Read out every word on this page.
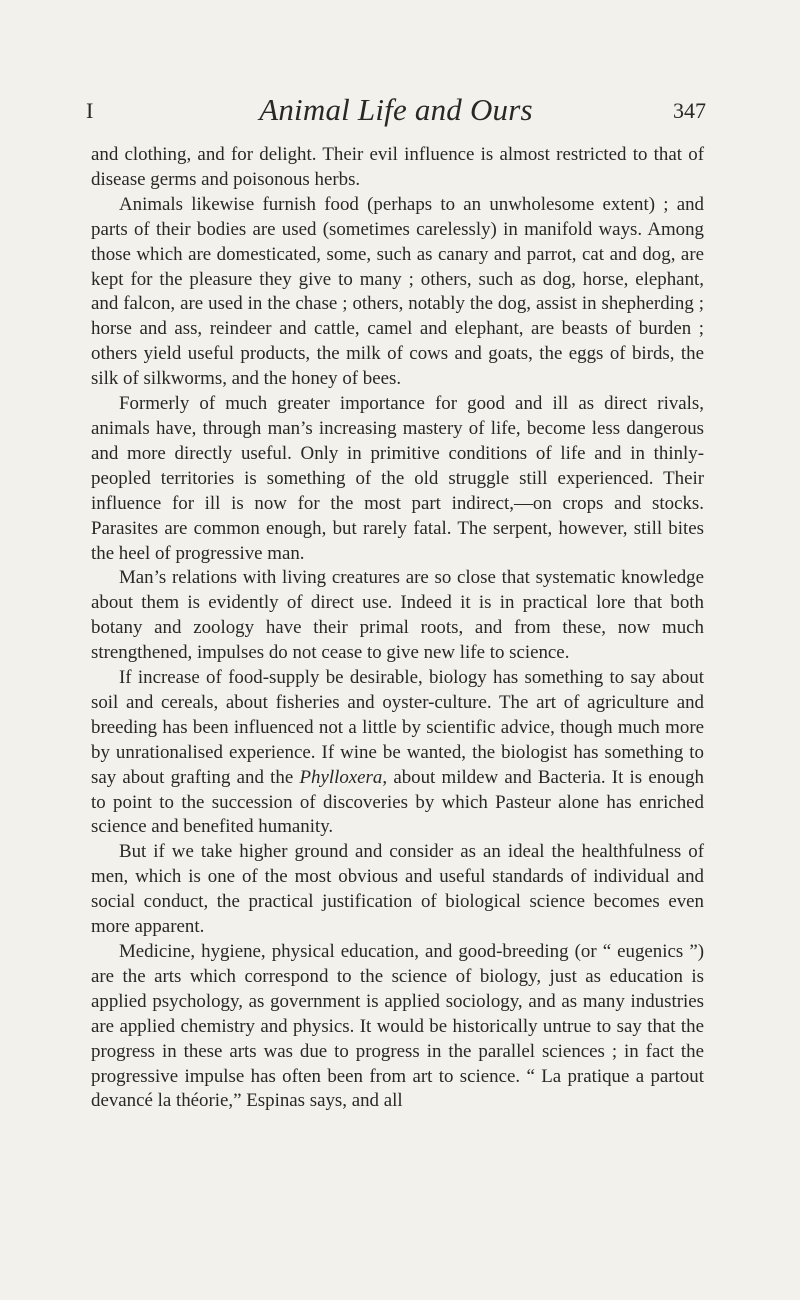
I	Animal Life and Ours	347

and clothing, and for delight. Their evil influence is almost restricted to that of disease germs and poisonous herbs.

Animals likewise furnish food (perhaps to an unwholesome extent) ; and parts of their bodies are used (sometimes carelessly) in manifold ways. Among those which are domesticated, some, such as canary and parrot, cat and dog, are kept for the pleasure they give to many ; others, such as dog, horse, elephant, and falcon, are used in the chase ; others, notably the dog, assist in shepherding ; horse and ass, reindeer and cattle, camel and elephant, are beasts of burden ; others yield useful products, the milk of cows and goats, the eggs of birds, the silk of silkworms, and the honey of bees.

Formerly of much greater importance for good and ill as direct rivals, animals have, through man’s increasing mastery of life, become less dangerous and more directly useful. Only in primitive conditions of life and in thinly-peopled territories is something of the old struggle still experienced. Their influence for ill is now for the most part indirect,—on crops and stocks. Parasites are common enough, but rarely fatal. The serpent, however, still bites the heel of progressive man.

Man’s relations with living creatures are so close that systematic knowledge about them is evidently of direct use. Indeed it is in practical lore that both botany and zoology have their primal roots, and from these, now much strengthened, impulses do not cease to give new life to science.

If increase of food-supply be desirable, biology has something to say about soil and cereals, about fisheries and oyster-culture. The art of agriculture and breeding has been influenced not a little by scientific advice, though much more by unrationalised experience. If wine be wanted, the biologist has something to say about grafting and the Phylloxera, about mildew and Bacteria. It is enough to point to the succession of discoveries by which Pasteur alone has enriched science and benefited humanity.

But if we take higher ground and consider as an ideal the healthfulness of men, which is one of the most obvious and useful standards of individual and social conduct, the practical justification of biological science becomes even more apparent.

Medicine, hygiene, physical education, and good-breeding (or “ eugenics ”) are the arts which correspond to the science of biology, just as education is applied psychology, as government is applied sociology, and as many industries are applied chemistry and physics. It would be historically untrue to say that the progress in these arts was due to progress in the parallel sciences ; in fact the progressive impulse has often been from art to science. “ La pratique a partout devancé la théorie,” Espinas says, and all
